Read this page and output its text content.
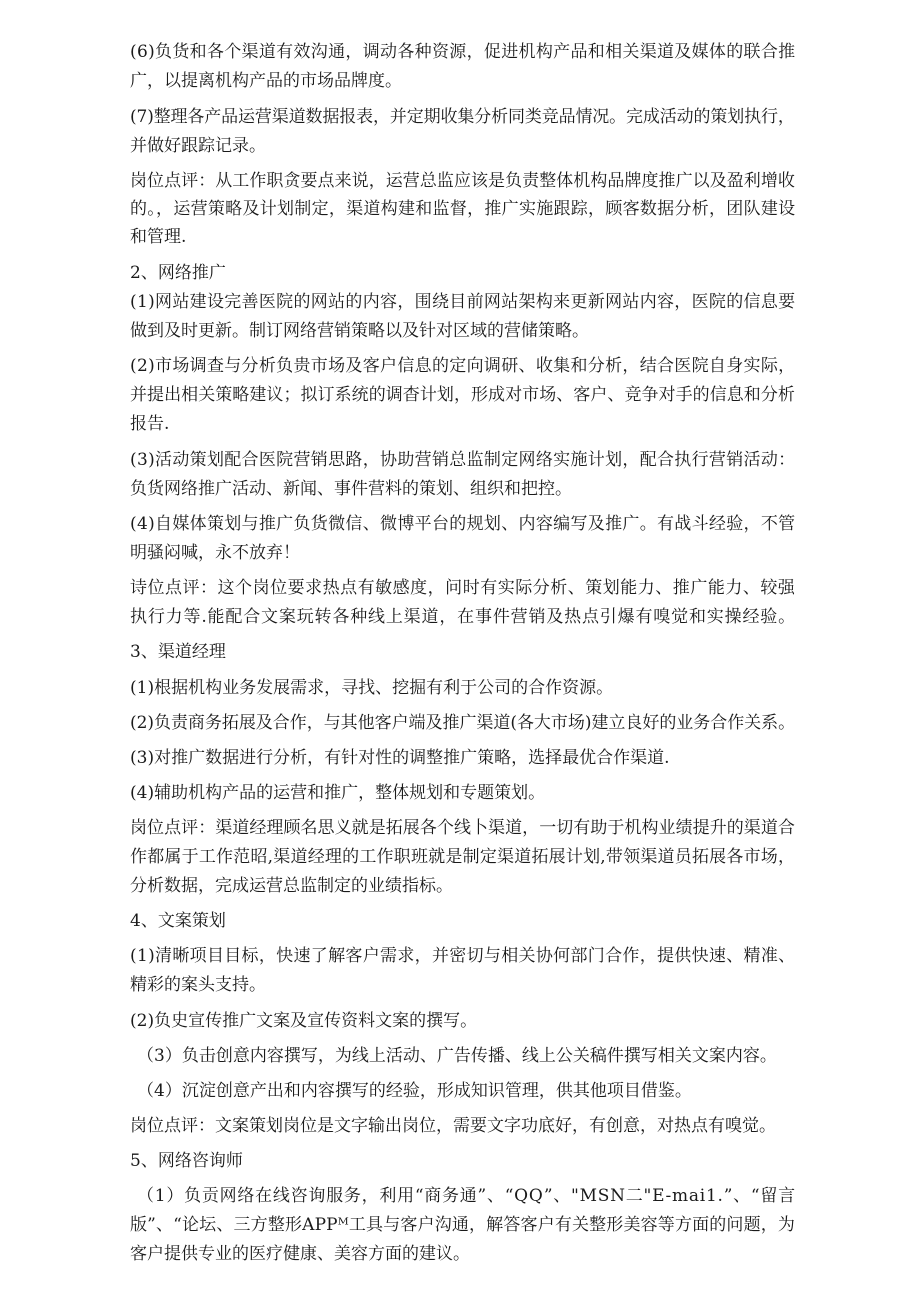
(6)负货和各个渠道有效沟通，调动各种资源，促进机构产品和相关渠道及媒体的联合推
广，以提离机构产品的市场品牌度。
(7)整理各产品运营渠道数据报表，并定期收集分析同类竞品情况。完成活动的策划执行，
并做好跟踪记录。
岗位点评：从工作职贪要点来说，运营总监应该是负责整体机构品牌度推广以及盈利增收
的。，运营策略及计划制定，渠道构建和监督，推广实施跟踪，顾客数据分析，团队建设
和管理.
2、网络推广
(1)网站建设完善医院的网站的内容，围绕目前网站架构来更新网站内容，医院的信息要
做到及时更新。制订网络营销策略以及针对区域的营储策略。
(2)市场调查与分析负贵市场及客户信息的定向调研、收集和分析，结合医院自身实际，
并提出相关策略建议；拟订系统的调杳计划，形成对市场、客户、竞争对手的信息和分析
报告.
(3)活动策划配合医院营销思路，协助营销总监制定网络实施计划，配合执行营销活动：
负货网络推广活动、新闻、事件营料的策划、组织和把控。
(4)自媒体策划与推广负货微信、微博平台的规划、内容编写及推广。有战斗经验，不管
明骚闷喊，永不放弃！
诗位点评：这个岗位要求热点有敏感度，问时有实际分析、策划能力、推广能力、较强
执行力等.能配合文案玩转各种线上渠道，在事件营销及热点引爆有嗅觉和实操经验。
3、渠道经理
(1)根据机构业务发展需求，寻找、挖掘有利于公司的合作资源。
(2)负责商务拓展及合作，与其他客户端及推广渠道(各大市场)建立良好的业务合作关系。
(3)对推广数据进行分析，有针对性的调整推广策略，选择最优合作渠道.
(4)辅助机构产品的运营和推广，整体规划和专题策划。
岗位点评：渠道经理顾名思义就是拓展各个线卜渠道，一切有助于机构业绩提升的渠道合
作都属于工作范昭,渠道经理的工作职班就是制定渠道拓展计划,带领渠道员拓展各市场，
分析数据，完成运营总监制定的业绩指标。
4、文案策划
(1)清晰项目目标，快速了解客户需求，并密切与相关协何部门合作，提供快速、精准、
精彩的案头支持。
(2)负史宣传推广文案及宣传资料文案的撰写。
（3）负击创意内容撰写，为线上活动、广告传播、线上公关稿件撰写相关文案内容。
（4）沉淀创意产出和内容撰写的经验，形成知识管理，供其他项目借鉴。
岗位点评：文案策划岗位是文字输出岗位，需要文字功底好，有创意，对热点有嗅觉。
5、网络咨询师
（1）负贡网络在线咨询服务，利用“商务通”、“QQ”、"MSN二"E-mai1.”、“留言
版”、“论坛、三方整形APPᴹ工具与客户沟通，解答客户有关整形美容等方面的问题，为
客户提供专业的医疗健康、美容方面的建议。
